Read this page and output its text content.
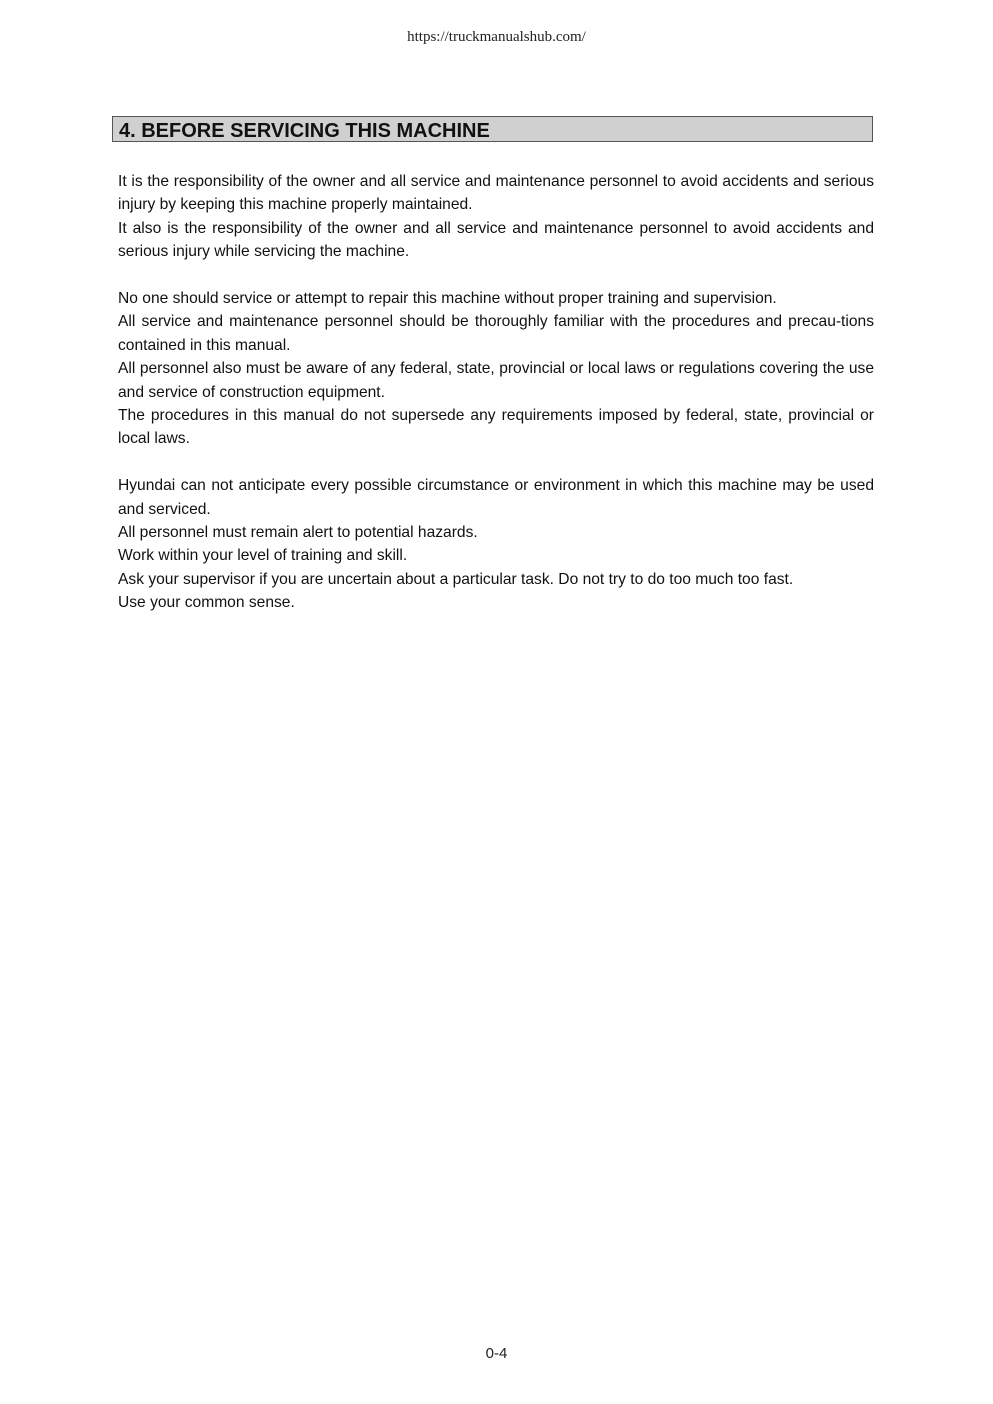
https://truckmanualshub.com/
4. BEFORE SERVICING THIS MACHINE
It is the responsibility of the owner and all service and maintenance personnel to avoid accidents and serious injury by keeping this machine properly maintained.
It also is the responsibility of the owner and all service and maintenance personnel to avoid accidents and serious injury while servicing the machine.
No one should service or attempt to repair this machine without proper training and supervision.
All service and maintenance personnel should be thoroughly familiar with the procedures and precau-tions contained in this manual.
All personnel also must be aware of any federal, state, provincial or local laws or regulations covering the use and service of construction equipment.
The procedures in this manual do not supersede any requirements imposed by federal, state, provincial or local laws.
Hyundai can not anticipate every possible circumstance or environment in which this machine may be used and serviced.
All personnel must remain alert to potential hazards.
Work within your level of training and skill.
Ask your supervisor if you are uncertain about a particular task. Do not try to do too much too fast.
Use your common sense.
0-4
